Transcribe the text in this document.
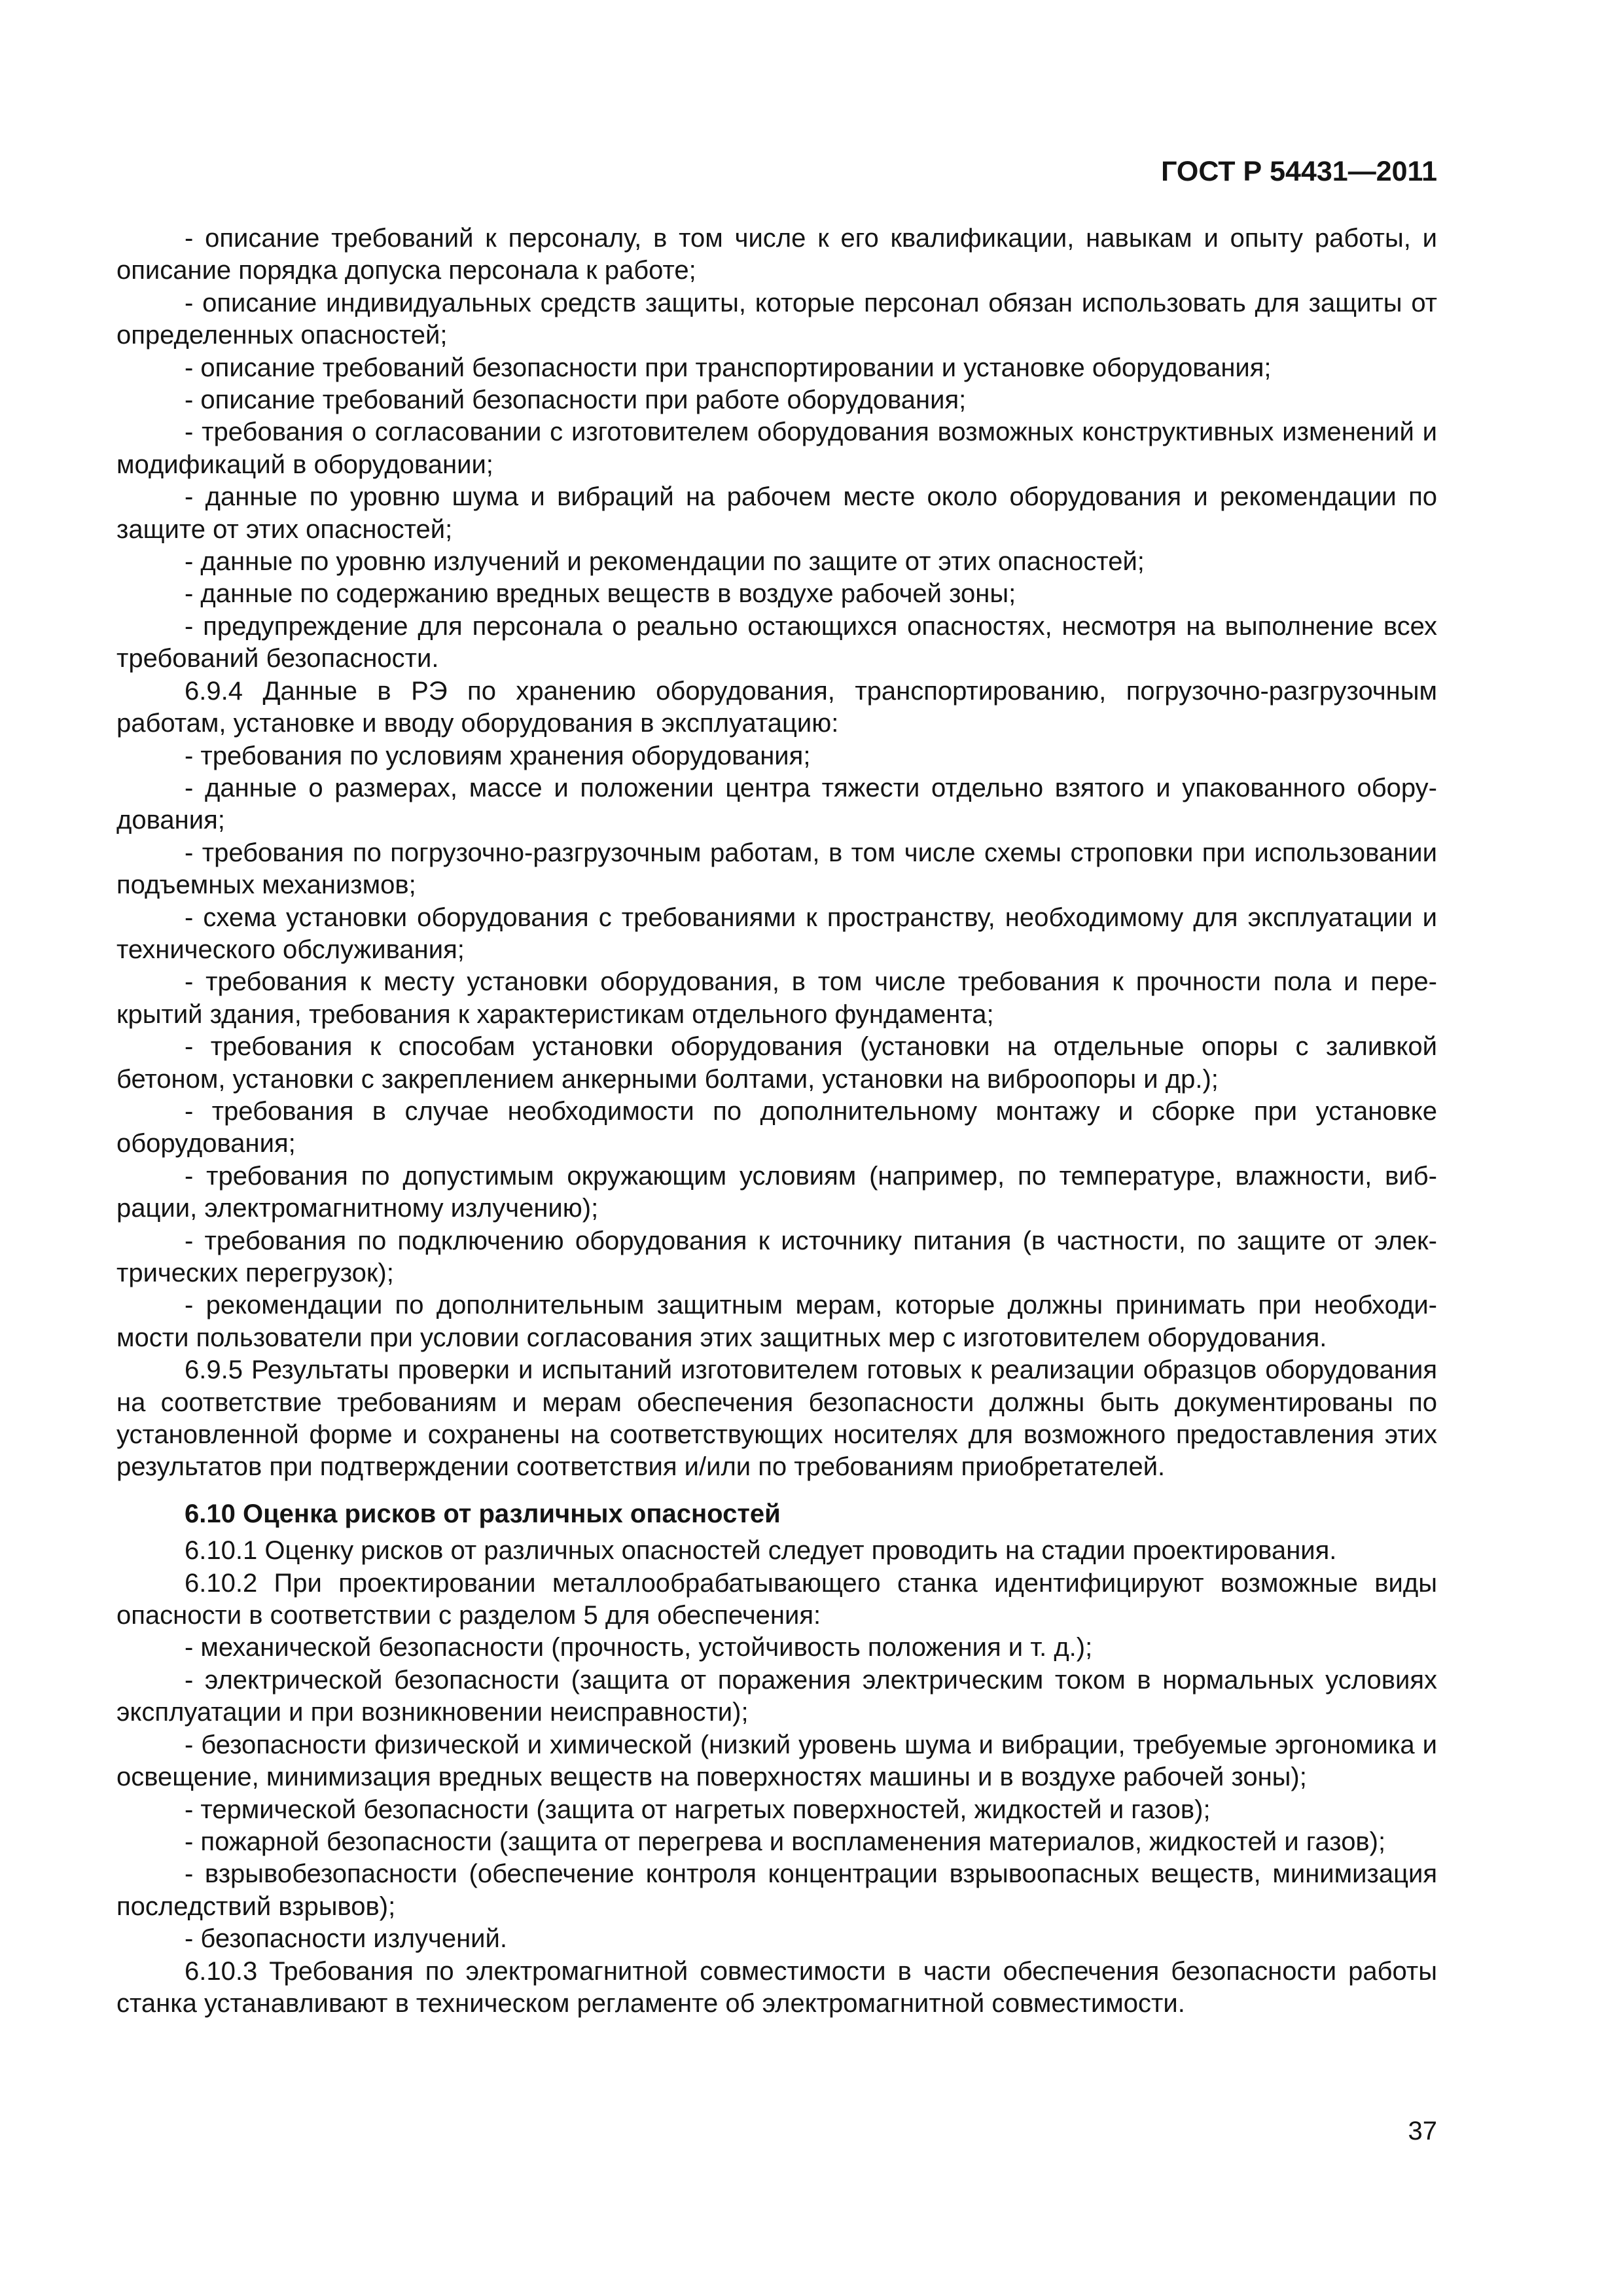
ГОСТ Р 54431—2011

- описание требований к персоналу, в том числе к его квалификации, навыкам и опыту работы, и описание порядка допуска персонала к работе;

- описание индивидуальных средств защиты, которые персонал обязан использовать для защиты от определенных опасностей;

- описание требований безопасности при транспортировании и установке оборудования;

- описание требований безопасности при работе оборудования;

- требования о согласовании с изготовителем оборудования возможных конструктивных изменений и модификаций в оборудовании;

- данные по уровню шума и вибраций на рабочем месте около оборудования и рекомендации по защите от этих опасностей;

- данные по уровню излучений и рекомендации по защите от этих опасностей;

- данные по содержанию вредных веществ в воздухе рабочей зоны;

- предупреждение для персонала о реально остающихся опасностях, несмотря на выполнение всех требований безопасности.

6.9.4 Данные в РЭ по хранению оборудования, транспортированию, погрузочно-разгрузочным работам, установке и вводу оборудования в эксплуатацию:

- требования по условиям хранения оборудования;

- данные о размерах, массе и положении центра тяжести отдельно взятого и упакованного оборудования;

- требования по погрузочно-разгрузочным работам, в том числе схемы строповки при использовании подъемных механизмов;

- схема установки оборудования с требованиями к пространству, необходимому для эксплуатации и технического обслуживания;

- требования к месту установки оборудования, в том числе требования к прочности пола и перекрытий здания, требования к характеристикам отдельного фундамента;

- требования к способам установки оборудования (установки на отдельные опоры с заливкой бетоном, установки с закреплением анкерными болтами, установки на виброопоры и др.);

- требования в случае необходимости по дополнительному монтажу и сборке при установке оборудования;

- требования по допустимым окружающим условиям (например, по температуре, влажности, вибрации, электромагнитному излучению);

- требования по подключению оборудования к источнику питания (в частности, по защите от электрических перегрузок);

- рекомендации по дополнительным защитным мерам, которые должны принимать при необходимости пользователи при условии согласования этих защитных мер с изготовителем оборудования.

6.9.5 Результаты проверки и испытаний изготовителем готовых к реализации образцов оборудования на соответствие требованиям и мерам обеспечения безопасности должны быть документированы по установленной форме и сохранены на соответствующих носителях для возможного предоставления этих результатов при подтверждении соответствия и/или по требованиям приобретателей.

6.10 Оценка рисков от различных опасностей

6.10.1 Оценку рисков от различных опасностей следует проводить на стадии проектирования.

6.10.2 При проектировании металлообрабатывающего станка идентифицируют возможные виды опасности в соответствии с разделом 5 для обеспечения:

- механической безопасности (прочность, устойчивость положения и т. д.);

- электрической безопасности (защита от поражения электрическим током в нормальных условиях эксплуатации и при возникновении неисправности);

- безопасности физической и химической (низкий уровень шума и вибрации, требуемые эргономика и освещение, минимизация вредных веществ на поверхностях машины и в воздухе рабочей зоны);

- термической безопасности (защита от нагретых поверхностей, жидкостей и газов);

- пожарной безопасности (защита от перегрева и воспламенения материалов, жидкостей и газов);

- взрывобезопасности (обеспечение контроля концентрации взрывоопасных веществ, минимизация последствий взрывов);

- безопасности излучений.

6.10.3 Требования по электромагнитной совместимости в части обеспечения безопасности работы станка устанавливают в техническом регламенте об электромагнитной совместимости.

37
